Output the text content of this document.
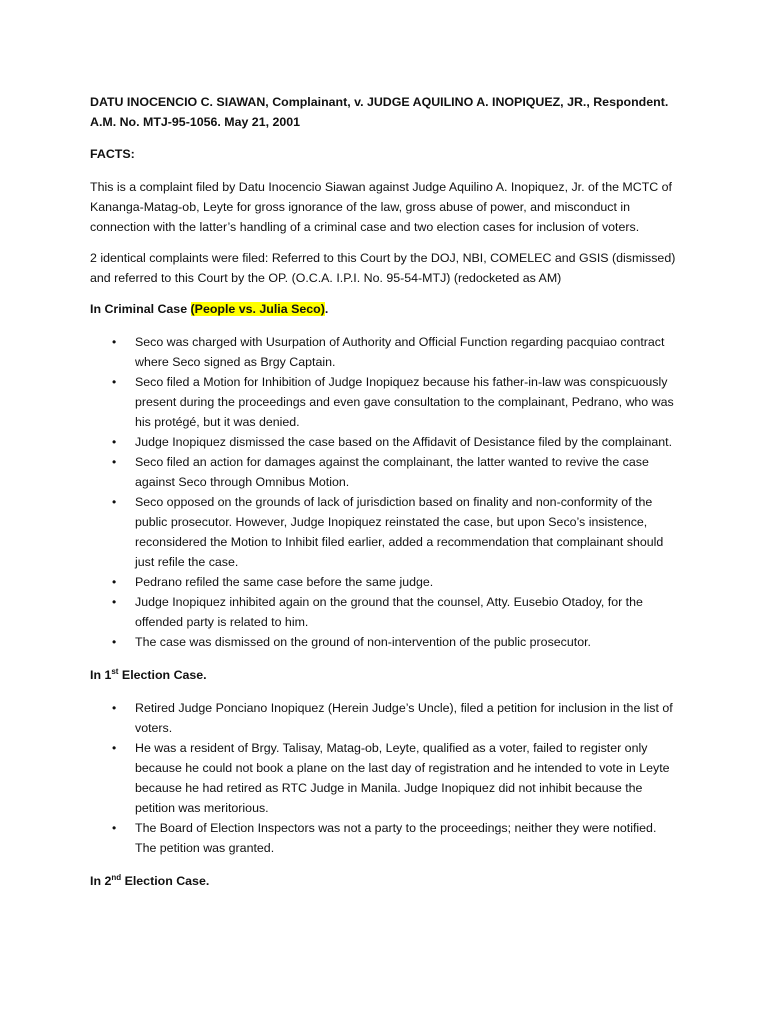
DATU INOCENCIO C. SIAWAN, Complainant, v. JUDGE AQUILINO A. INOPIQUEZ, JR., Respondent. A.M. No. MTJ-95-1056. May 21, 2001

FACTS:

This is a complaint filed by Datu Inocencio Siawan against Judge Aquilino A. Inopiquez, Jr. of the MCTC of Kananga-Matag-ob, Leyte for gross ignorance of the law, gross abuse of power, and misconduct in connection with the latter’s handling of a criminal case and two election cases for inclusion of voters.

2 identical complaints were filed: Referred to this Court by the DOJ, NBI, COMELEC and GSIS (dismissed) and referred to this Court by the OP. (O.C.A. I.P.I. No. 95-54-MTJ) (redocketed as AM)

In Criminal Case (People vs. Julia Seco).

• Seco was charged with Usurpation of Authority and Official Function regarding pacquiao contract where Seco signed as Brgy Captain.
• Seco filed a Motion for Inhibition of Judge Inopiquez because his father-in-law was conspicuously present during the proceedings and even gave consultation to the complainant, Pedrano, who was his protégé, but it was denied.
• Judge Inopiquez dismissed the case based on the Affidavit of Desistance filed by the complainant.
• Seco filed an action for damages against the complainant, the latter wanted to revive the case against Seco through Omnibus Motion.
• Seco opposed on the grounds of lack of jurisdiction based on finality and non-conformity of the public prosecutor. However, Judge Inopiquez reinstated the case, but upon Seco’s insistence, reconsidered the Motion to Inhibit filed earlier, added a recommendation that complainant should just refile the case.
• Pedrano refiled the same case before the same judge.
• Judge Inopiquez inhibited again on the ground that the counsel, Atty. Eusebio Otadoy, for the offended party is related to him.
• The case was dismissed on the ground of non-intervention of the public prosecutor.

In 1st Election Case.

• Retired Judge Ponciano Inopiquez (Herein Judge’s Uncle), filed a petition for inclusion in the list of voters.
• He was a resident of Brgy. Talisay, Matag-ob, Leyte, qualified as a voter, failed to register only because he could not book a plane on the last day of registration and he intended to vote in Leyte because he had retired as RTC Judge in Manila. Judge Inopiquez did not inhibit because the petition was meritorious.
• The Board of Election Inspectors was not a party to the proceedings; neither they were notified. The petition was granted.

In 2nd Election Case.
